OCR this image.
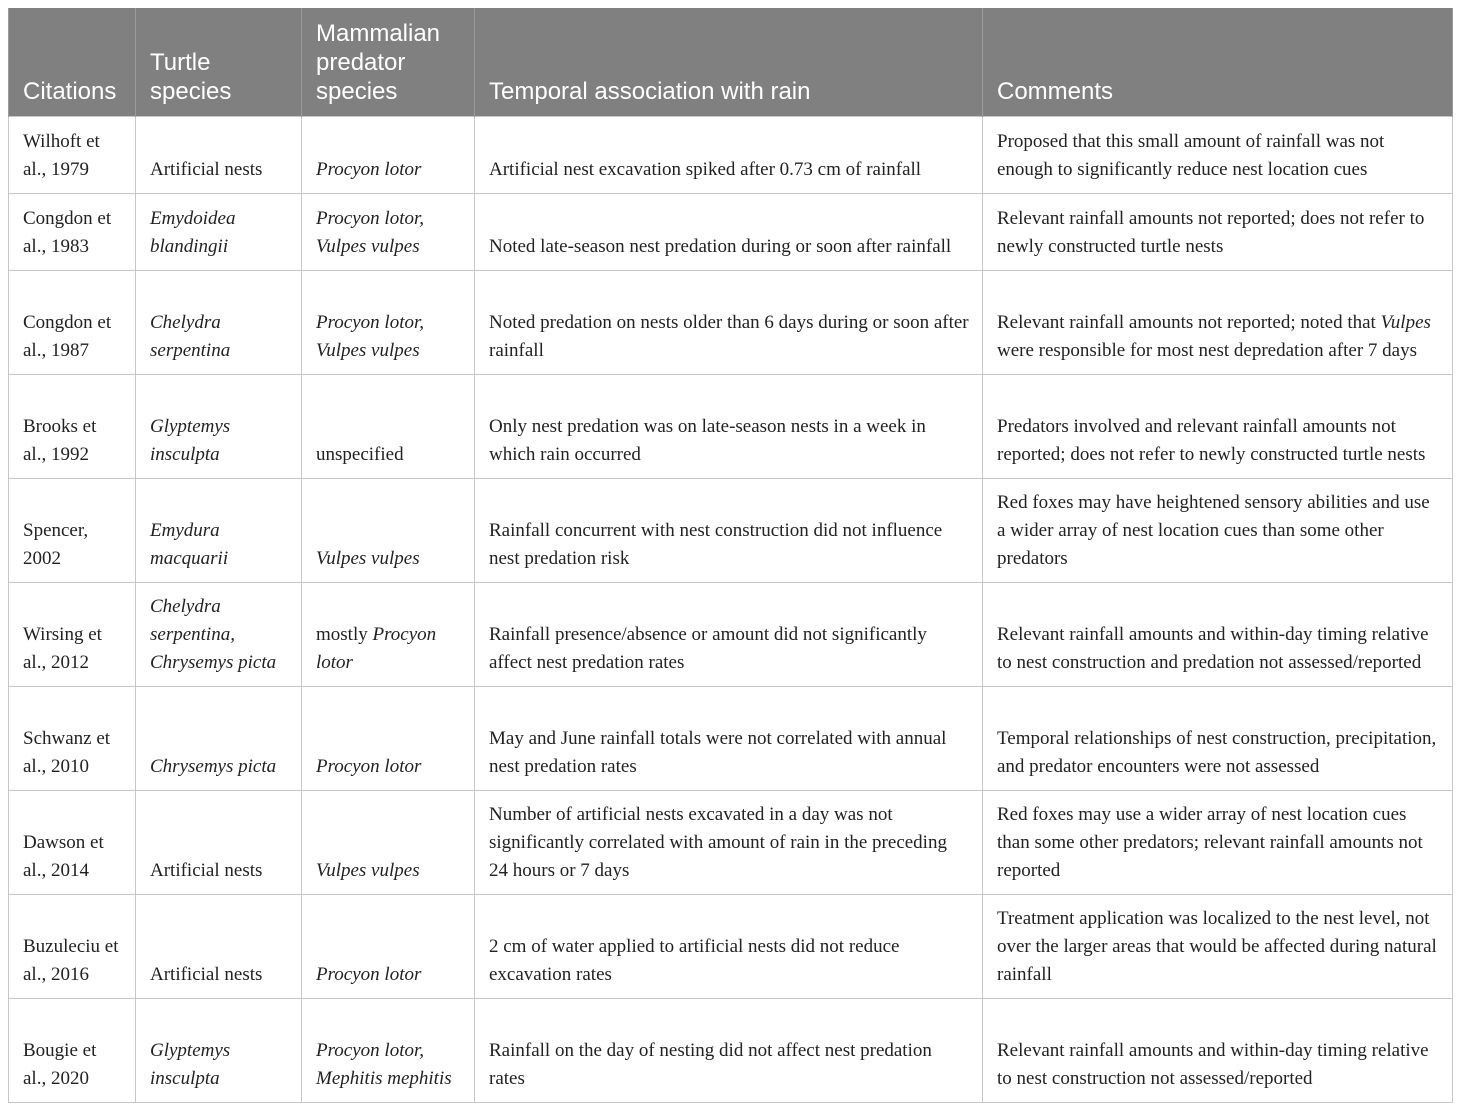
Citations	Turtle species	Mammalian predator species	Temporal association with rain	Comments
Wilhoft et al., 1979	Artificial nests	Procyon lotor	Artificial nest excavation spiked after 0.73 cm of rainfall	Proposed that this small amount of rainfall was not enough to significantly reduce nest location cues
Congdon et al., 1983	Emydoidea blandingii	Procyon lotor, Vulpes vulpes	Noted late-season nest predation during or soon after rainfall	Relevant rainfall amounts not reported; does not refer to newly constructed turtle nests
Congdon et al., 1987	Chelydra serpentina	Procyon lotor, Vulpes vulpes	Noted predation on nests older than 6 days during or soon after rainfall	Relevant rainfall amounts not reported; noted that Vulpes were responsible for most nest depredation after 7 days
Brooks et al., 1992	Glyptemys insculpta	unspecified	Only nest predation was on late-season nests in a week in which rain occurred	Predators involved and relevant rainfall amounts not reported; does not refer to newly constructed turtle nests
Spencer, 2002	Emydura macquarii	Vulpes vulpes	Rainfall concurrent with nest construction did not influence nest predation risk	Red foxes may have heightened sensory abilities and use a wider array of nest location cues than some other predators
Wirsing et al., 2012	Chelydra serpentina, Chrysemys picta	mostly Procyon lotor	Rainfall presence/absence or amount did not significantly affect nest predation rates	Relevant rainfall amounts and within-day timing relative to nest construction and predation not assessed/reported
Schwanz et al., 2010	Chrysemys picta	Procyon lotor	May and June rainfall totals were not correlated with annual nest predation rates	Temporal relationships of nest construction, precipitation, and predator encounters were not assessed
Dawson et al., 2014	Artificial nests	Vulpes vulpes	Number of artificial nests excavated in a day was not significantly correlated with amount of rain in the preceding 24 hours or 7 days	Red foxes may use a wider array of nest location cues than some other predators; relevant rainfall amounts not reported
Buzuleciu et al., 2016	Artificial nests	Procyon lotor	2 cm of water applied to artificial nests did not reduce excavation rates	Treatment application was localized to the nest level, not over the larger areas that would be affected during natural rainfall
Bougie et al., 2020	Glyptemys insculpta	Procyon lotor, Mephitis mephitis	Rainfall on the day of nesting did not affect nest predation rates	Relevant rainfall amounts and within-day timing relative to nest construction not assessed/reported
